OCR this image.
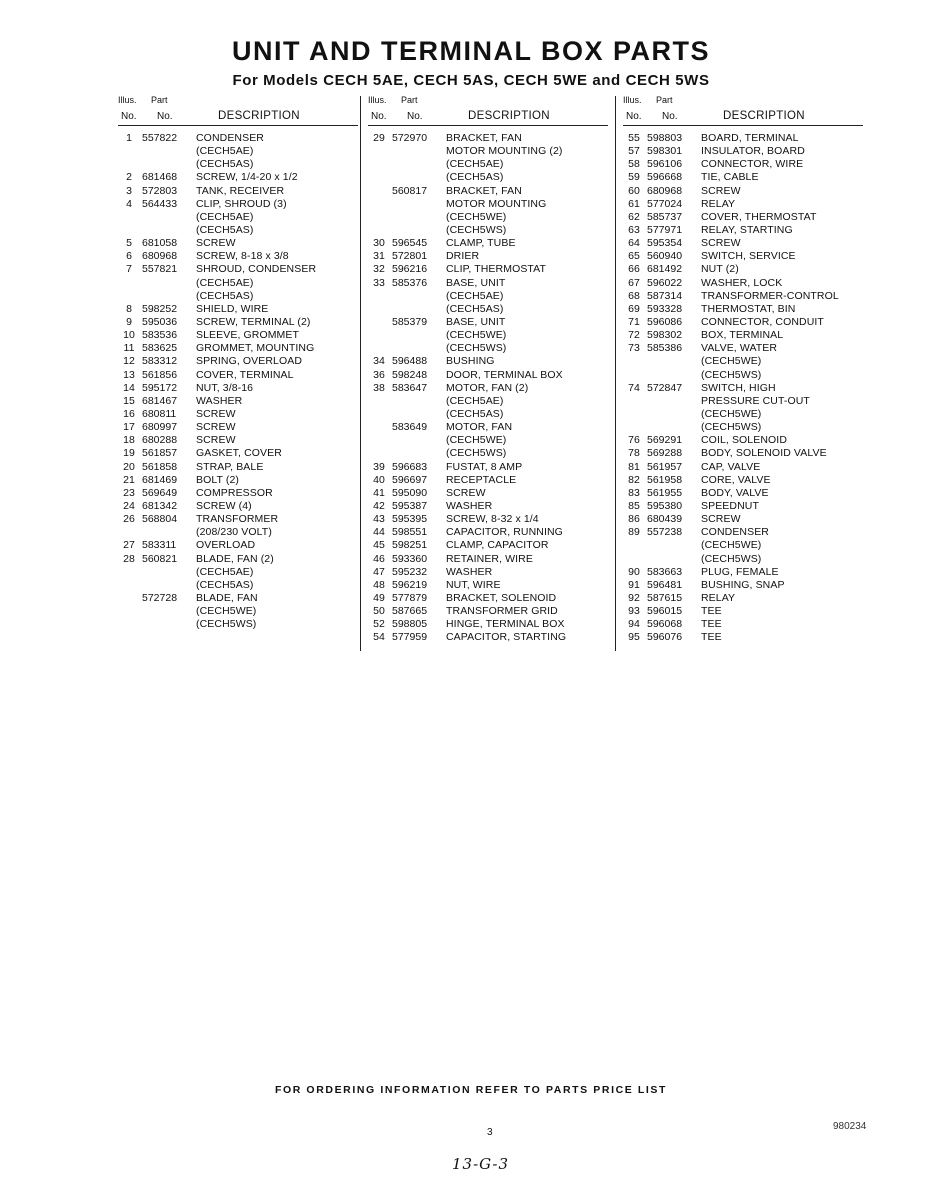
UNIT AND TERMINAL BOX PARTS
For Models CECH 5AE, CECH 5AS, CECH 5WE and CECH 5WS
Illus. Part
No. No.	DESCRIPTION
1 557822	CONDENSER
(CECH5AE)
(CECH5AS)
2 681468	SCREW, 1/4-20 x 1/2
3 572803	TANK, RECEIVER
4 564433	CLIP, SHROUD (3)
(CECH5AE)
(CECH5AS)
5 681058	SCREW
6 680968	SCREW, 8-18 x 3/8
7 557821	SHROUD, CONDENSER
(CECH5AE)
(CECH5AS)
8 598252	SHIELD, WIRE
9 595036	SCREW, TERMINAL (2)
10 583536	SLEEVE, GROMMET
11 583625	GROMMET, MOUNTING
12 583312	SPRING, OVERLOAD
13 561856	COVER, TERMINAL
14 595172	NUT, 3/8-16
15 681467	WASHER
16 680811	SCREW
17 680997	SCREW
18 680288	SCREW
19 561857	GASKET, COVER
20 561858	STRAP, BALE
21 681469	BOLT (2)
23 569649	COMPRESSOR
24 681342	SCREW (4)
26 568804	TRANSFORMER
(208/230 VOLT)
27 583311	OVERLOAD
28 560821	BLADE, FAN (2)
(CECH5AE)
(CECH5AS)
572728	BLADE, FAN
(CECH5WE)
(CECH5WS)
Illus. Part
No. No.	DESCRIPTION
29 572970	BRACKET, FAN
MOTOR MOUNTING (2)
(CECH5AE)
(CECH5AS)
560817	BRACKET, FAN
MOTOR MOUNTING
(CECH5WE)
(CECH5WS)
30 596545	CLAMP, TUBE
31 572801	DRIER
32 596216	CLIP, THERMOSTAT
33 585376	BASE, UNIT
(CECH5AE)
(CECH5AS)
585379	BASE, UNIT
(CECH5WE)
(CECH5WS)
34 596488	BUSHING
36 598248	DOOR, TERMINAL BOX
38 583647	MOTOR, FAN (2)
(CECH5AE)
(CECH5AS)
583649	MOTOR, FAN
(CECH5WE)
(CECH5WS)
39 596683	FUSTAT, 8 AMP
40 596697	RECEPTACLE
41 595090	SCREW
42 595387	WASHER
43 595395	SCREW, 8-32 x 1/4
44 598551	CAPACITOR, RUNNING
45 598251	CLAMP, CAPACITOR
46 593360	RETAINER, WIRE
47 595232	WASHER
48 596219	NUT, WIRE
49 577879	BRACKET, SOLENOID
50 587665	TRANSFORMER GRID
52 598805	HINGE, TERMINAL BOX
54 577959	CAPACITOR, STARTING
Illus. Part
No. No.	DESCRIPTION
55 598803	BOARD, TERMINAL
57 598301	INSULATOR, BOARD
58 596106	CONNECTOR, WIRE
59 596668	TIE, CABLE
60 680968	SCREW
61 577024	RELAY
62 585737	COVER, THERMOSTAT
63 577971	RELAY, STARTING
64 595354	SCREW
65 560940	SWITCH, SERVICE
66 681492	NUT (2)
67 596022	WASHER, LOCK
68 587314	TRANSFORMER-CONTROL
69 593328	THERMOSTAT, BIN
71 596086	CONNECTOR, CONDUIT
72 598302	BOX, TERMINAL
73 585386	VALVE, WATER
(CECH5WE)
(CECH5WS)
74 572847	SWITCH, HIGH
PRESSURE CUT-OUT
(CECH5WE)
(CECH5WS)
76 569291	COIL, SOLENOID
78 569288	BODY, SOLENOID VALVE
81 561957	CAP, VALVE
82 561958	CORE, VALVE
83 561955	BODY, VALVE
85 595380	SPEEDNUT
86 680439	SCREW
89 557238	CONDENSER
(CECH5WE)
(CECH5WS)
90 583663	PLUG, FEMALE
91 596481	BUSHING, SNAP
92 587615	RELAY
93 596015	TEE
94 596068	TEE
95 596076	TEE
FOR ORDERING INFORMATION REFER TO PARTS PRICE LIST
3
980234
13-G-3
